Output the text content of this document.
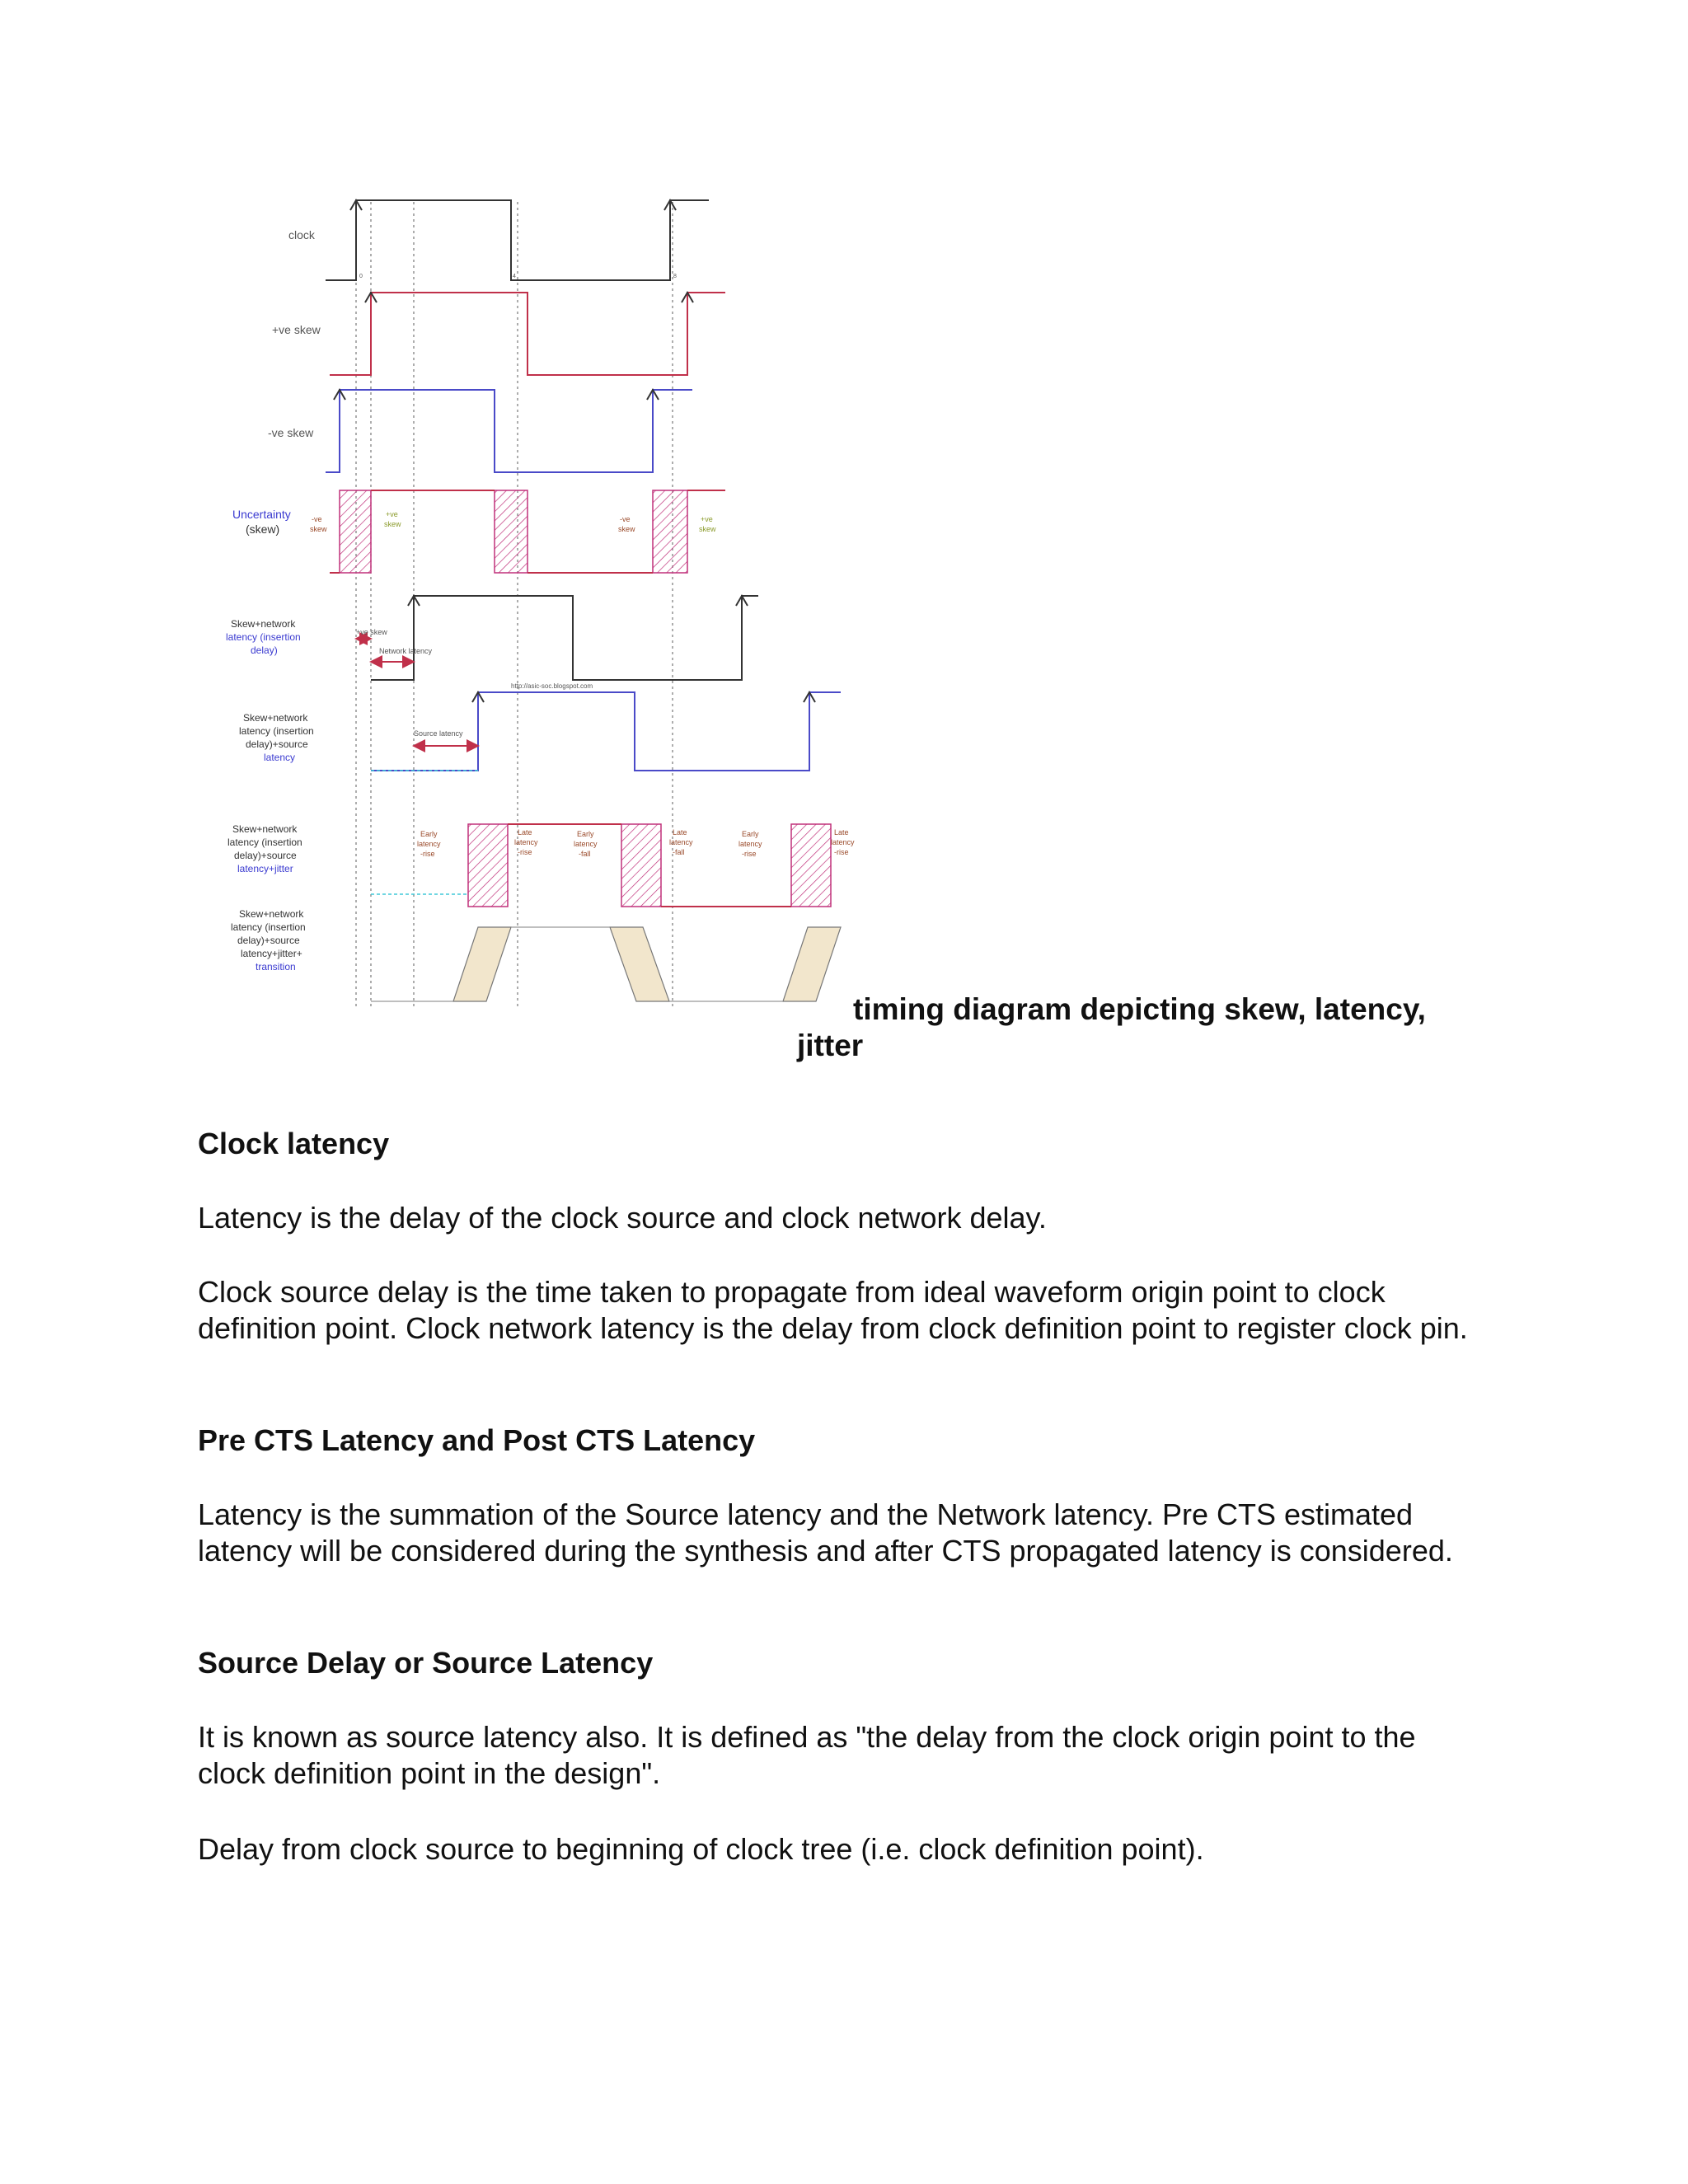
clock
0	4	8
+ve skew
-ve skew
Uncertainty
(skew)
-ve
skew
-ve
skew
+ve
skew
+ve
skew
Skew+network
latency (insertion
delay)
+ve skew
Network latency
http://asic-soc.blogspot.com
Source latency
Skew+network
latency (insertion
delay)+source
latency
Skew+network
latency (insertion
delay)+source
latency+jitter
Early
latency
-rise
Late
latency
-rise
Early
latency
-fall
Late
latency
-fall
Early
latency
-rise
Late
latency
-rise
Skew+network
latency (insertion
delay)+source
latency+jitter+
transition
timing diagram depicting skew, latency,
jitter
Clock latency
Latency is the delay of the clock source and clock network delay.
Clock source delay is the time taken to propagate from ideal waveform origin point to clock definition point. Clock network latency is the delay from clock definition point to register clock pin.
Pre CTS Latency and Post CTS Latency
Latency is the summation of the Source latency and the Network latency. Pre CTS estimated latency will be considered during the synthesis and after CTS propagated latency is considered.
Source Delay or Source Latency
It is known as source latency also. It is defined as "the delay from the clock origin point to the clock definition point in the design".
Delay from clock source to beginning of clock tree (i.e. clock definition point).
